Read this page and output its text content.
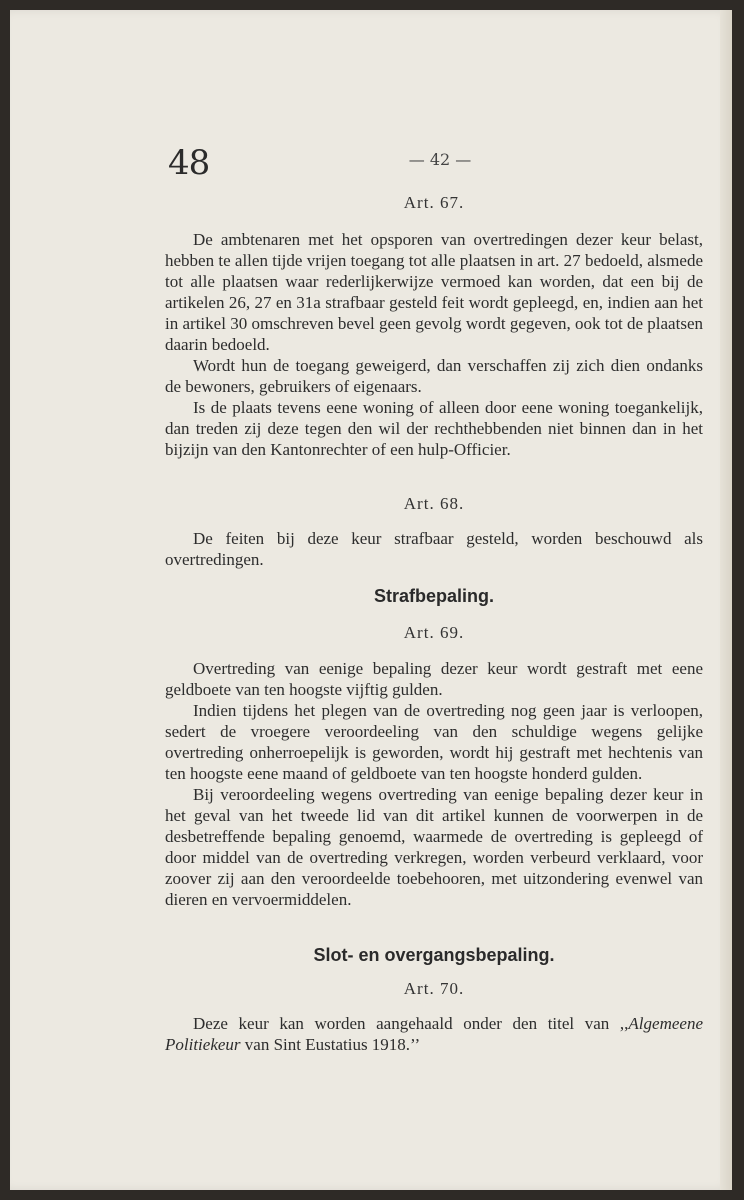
48	— 42 —
Art. 67.

De ambtenaren met het opsporen van overtredingen dezer keur belast, hebben te allen tijde vrijen toegang tot alle plaatsen in art. 27 bedoeld, alsmede tot alle plaatsen waar rederlijkerwijze vermoed kan worden, dat een bij de artikelen 26, 27 en 31a strafbaar gesteld feit wordt gepleegd, en, indien aan het in artikel 30 omschreven bevel geen gevolg wordt gegeven, ook tot de plaatsen daarin bedoeld.

Wordt hun de toegang geweigerd, dan verschaffen zij zich dien ondanks de bewoners, gebruikers of eigenaars.

Is de plaats tevens eene woning of alleen door eene woning toegankelijk, dan treden zij deze tegen den wil der rechthebbenden niet binnen dan in het bijzijn van den Kantonrechter of een hulp-Officier.

Art. 68.

De feiten bij deze keur strafbaar gesteld, worden beschouwd als overtredingen.

Strafbepaling.
Art. 69.

Overtreding van eenige bepaling dezer keur wordt gestraft met eene geldboete van ten hoogste vijftig gulden.

Indien tijdens het plegen van de overtreding nog geen jaar is verloopen, sedert de vroegere veroordeeling van den schuldige wegens gelijke overtreding onherroepelijk is geworden, wordt hij gestraft met hechtenis van ten hoogste eene maand of geldboete van ten hoogste honderd gulden.

Bij veroordeeling wegens overtreding van eenige bepaling dezer keur in het geval van het tweede lid van dit artikel kunnen de voorwerpen in de desbetreffende bepaling genoemd, waarmede de overtreding is gepleegd of door middel van de overtreding verkregen, worden verbeurd verklaard, voor zoover zij aan den veroordeelde toebehooren, met uitzondering evenwel van dieren en vervoermiddelen.

Slot- en overgangsbepaling.
Art. 70.

Deze keur kan worden aangehaald onder den titel van ,,Algemeene Politiekeur van Sint Eustatius 1918.’’
